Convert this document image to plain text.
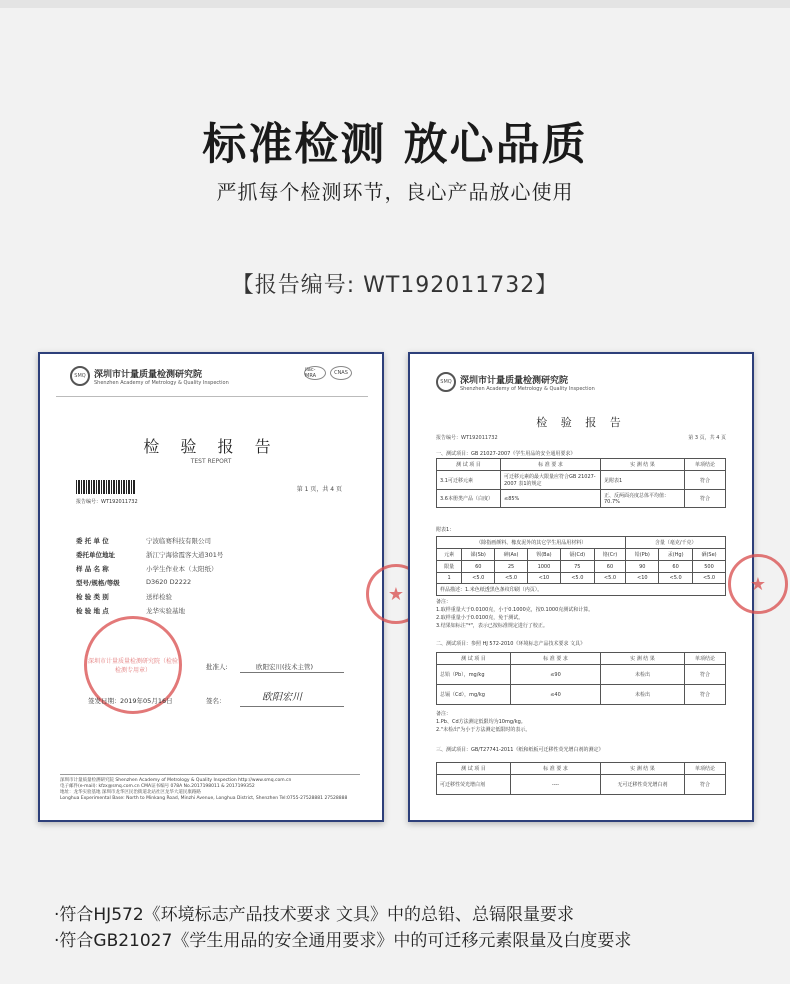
标准检测 放心品质
严抓每个检测环节，良心产品放心使用
【报告编号: WT192011732】
SMQ 深圳市计量质量检测研究院
Shenzhen Academy of Metrology & Quality Inspection
ilac-MRA	CNAS
检 验 报 告
TEST REPORT
报告编号：WT192011732
第 1 页，共 4 页
委 托 单 位	宁波临赛科技有限公司
委托单位地址	浙江宁海徐霞客大道301号
样 品 名 称	小学生作业本（太阳纸）
型号/规格/等级	D3620 D2222
检 验 类 别	送样检验
检 验 地 点	龙华实验基地
深圳市计量质量检测研究院（检验检测专用章）
★
批准人:	欧阳宏川(技术主管)
签发日期： 2019年05月16日	签名：	欧阳宏川
深圳市计量质量检测研究院 Shenzhen Academy of Metrology & Quality Inspection http://www.smq.com.cn
电子邮件(e-mail): kfzx@smq.com.cn CMA证书编号 078A No.2017198011 & 2017199352
地址：龙华实验基地 深圳市龙华区民治街道北站社区龙华大道民康路路
Longhua Experimental Base: North to Minkang Road, Minzhi Avenue, Longhua District, Shenzhen Tel:0755-27528881 27528888
SMQ 深圳市计量质量检测研究院
Shenzhen Academy of Metrology & Quality Inspection
检 验 报 告
报告编号：WT192011732	第 3 页，共 4 页
一、测试项目：GB 21027-2007《学生用品的安全通用要求》
测 试 项 目	标 准 要 求	实 测 结 果	单项结论
3.1可迁移元素	可迁移元素的最大限量应符合GB 21027-2007 表1的规定	见附表1	符合
3.6本册类产品（白度）	≤85%	正、反两面亮度总体平均值：70.7%	符合
附表1：
（除指画颜料、橡皮泥外的其它学生用品用材料）						含量（毫克/千克）		
元素	锑(Sb)	砷(As)	钡(Ba)	镉(Cd)	铬(Cr)	铅(Pb)	汞(Hg)	硒(Se)
限量	60	25	1000	75	60	90	60	500
1	<5.0	<5.0	<10	<5.0	<5.0	<10	<5.0	<5.0
样品描述：1.米色纸透黑色条纹印刷（内页）。								
备注：
1.取样重量大于0.0100克，小于0.1000克，按0.1000克测试和计算。
2.取样重量小于0.0100克，免于测试。
3.结果如标注"*"，表示已按标准规定进行了校正。
二、测试项目：参照 HJ 572-2010《环境标志产品技术要求 文具》
测 试 项 目	标 准 要 求	实 测 结 果	单项结论
总铅（Pb），mg/kg	≤90	未检出	符合
总镉（Cd），mg/kg	≤40	未检出	符合
备注：
1.Pb、Cd方法测定低限均为10mg/kg。
2."未检出"为小于方法测定低限时的表示。
三、测试项目：GB/T27741-2011《纸和纸板可迁移性荧光增白剂的测定》
测 试 项 目	标 准 要 求	实 测 结 果	单项结论
可迁移性荧光增白剂	----	无可迁移性荧光增白剂	符合
★
·符合HJ572《环境标志产品技术要求 文具》中的总铅、总镉限量要求
·符合GB21027《学生用品的安全通用要求》中的可迁移元素限量及白度要求
